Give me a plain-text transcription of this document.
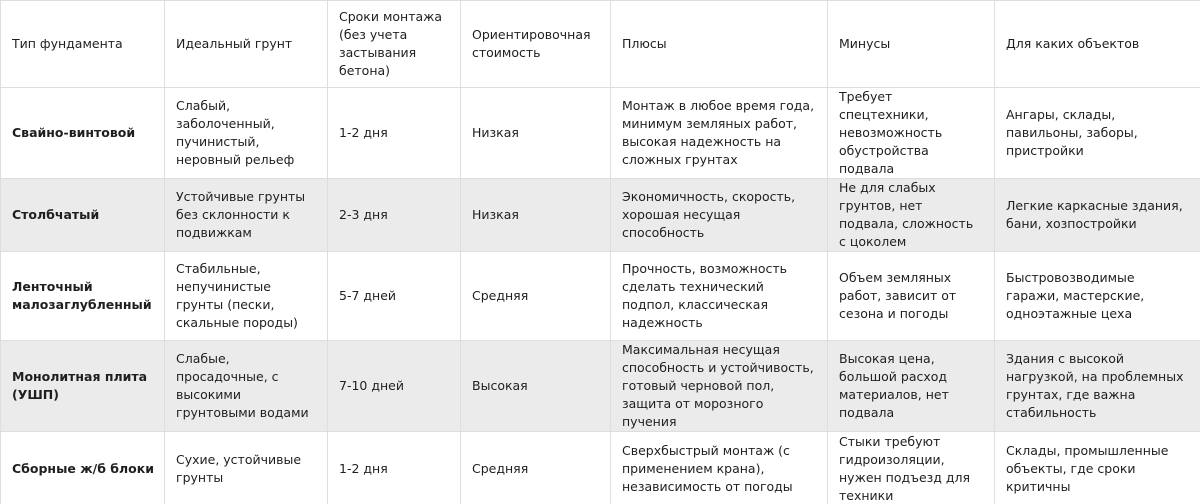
Тип фундамента	Идеальный грунт	Сроки монтажа (без учета застывания бетона)	Ориентировочная стоимость	Плюсы	Минусы	Для каких объектов
Свайно-винтовой	Слабый, заболоченный, пучинистый, неровный рельеф	1-2 дня	Низкая	Монтаж в любое время года, минимум земляных работ, высокая надежность на сложных грунтах	Требует спецтехники, невозможность обустройства подвала	Ангары, склады, павильоны, заборы, пристройки
Столбчатый	Устойчивые грунты без склонности к подвижкам	2-3 дня	Низкая	Экономичность, скорость, хорошая несущая способность	Не для слабых грунтов, нет подвала, сложность с цоколем	Легкие каркасные здания, бани, хозпостройки
Ленточный малозаглубленный	Стабильные, непучинистые грунты (пески, скальные породы)	5-7 дней	Средняя	Прочность, возможность сделать технический подпол, классическая надежность	Объем земляных работ, зависит от сезона и погоды	Быстровозводимые гаражи, мастерские, одноэтажные цеха
Монолитная плита (УШП)	Слабые, просадочные, с высокими грунтовыми водами	7-10 дней	Высокая	Максимальная несущая способность и устойчивость, готовый черновой пол, защита от морозного пучения	Высокая цена, большой расход материалов, нет подвала	Здания с высокой нагрузкой, на проблемных грунтах, где важна стабильность
Сборные ж/б блоки	Сухие, устойчивые грунты	1-2 дня	Средняя	Сверхбыстрый монтаж (с применением крана), независимость от погоды	Стыки требуют гидроизоляции, нужен подъезд для техники	Склады, промышленные объекты, где сроки критичны
